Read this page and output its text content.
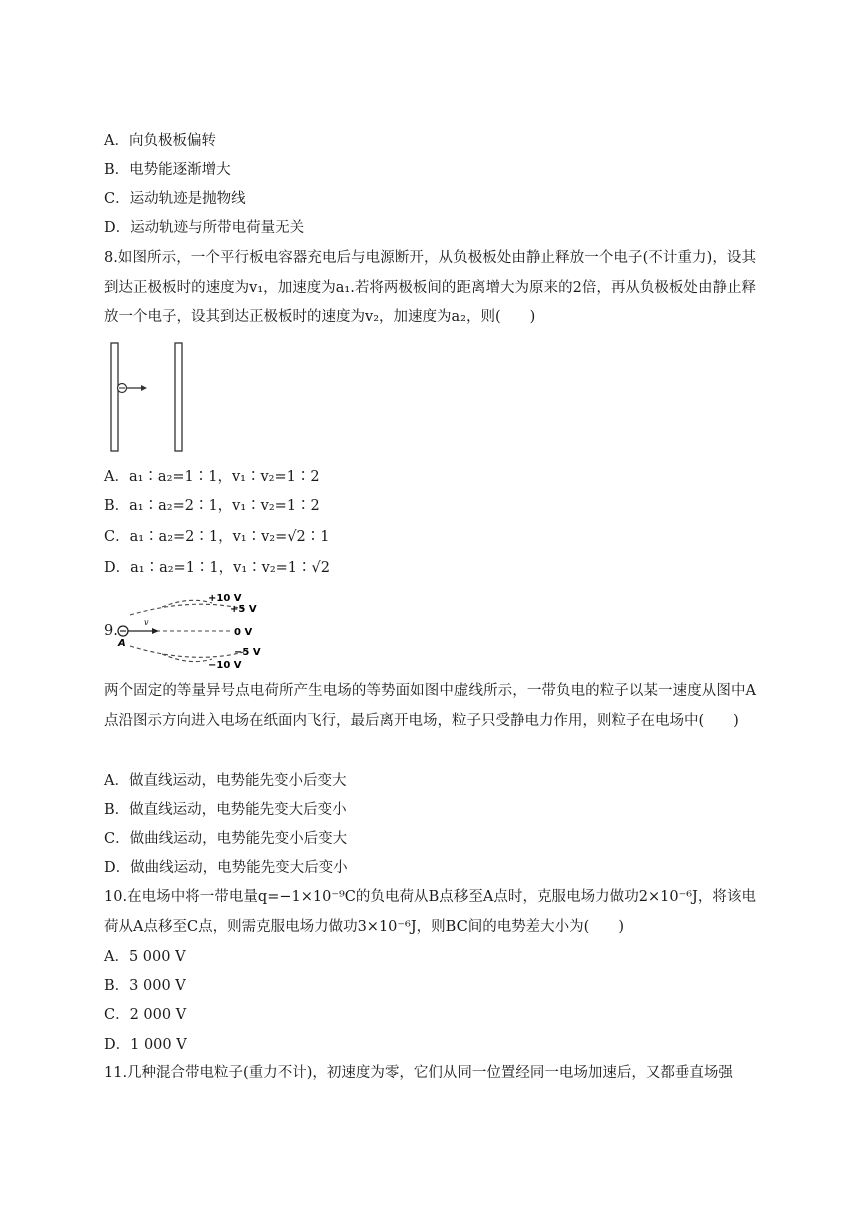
A．向负极板偏转
B．电势能逐渐增大
C．运动轨迹是抛物线
D．运动轨迹与所带电荷量无关
8.如图所示，一个平行板电容器充电后与电源断开，从负极板处由静止释放一个电子(不计重力)，设其到达正极板时的速度为v₁，加速度为a₁.若将两极板间的距离增大为原来的2倍，再从负极板处由静止释放一个电子，设其到达正极板时的速度为v₂，加速度为a₂，则(　　)
A．a₁∶a₂=1∶1，v₁∶v₂=1∶2
B．a₁∶a₂=2∶1，v₁∶v₂=1∶2
C．a₁∶a₂=2∶1，v₁∶v₂=√2∶1
D．a₁∶a₂=1∶1，v₁∶v₂=1∶√2
9.
v
A
+10 V
+5 V
0 V
−5 V
−10 V
两个固定的等量异号点电荷所产生电场的等势面如图中虚线所示，一带负电的粒子以某一速度从图中A点沿图示方向进入电场在纸面内飞行，最后离开电场，粒子只受静电力作用，则粒子在电场中(　　)
A．做直线运动，电势能先变小后变大
B．做直线运动，电势能先变大后变小
C．做曲线运动，电势能先变小后变大
D．做曲线运动，电势能先变大后变小
10.在电场中将一带电量q=−1×10⁻⁹C的负电荷从B点移至A点时，克服电场力做功2×10⁻⁶J，将该电荷从A点移至C点，则需克服电场力做功3×10⁻⁶J，则BC间的电势差大小为(　　)
A．5 000 V
B．3 000 V
C．2 000 V
D．1 000 V
11.几种混合带电粒子(重力不计)，初速度为零，它们从同一位置经同一电场加速后，又都垂直场强
